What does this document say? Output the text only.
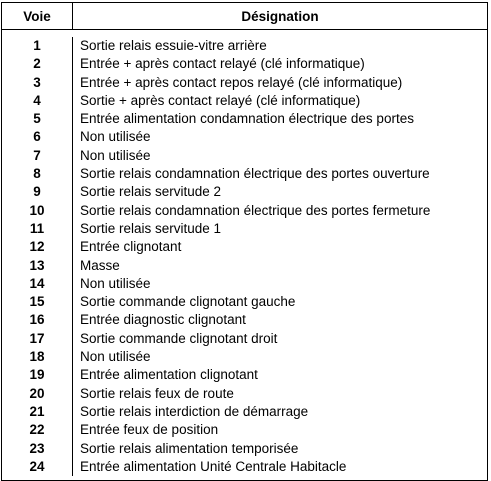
Voie	Désignation
1
2
3
4
5
6
7
8
9
10
11
12
13
14
15
16
17
18
19
20
21
22
23
24
Sortie relais essuie-vitre arrière
Entrée + après contact relayé (clé informatique)
Entrée + après contact repos relayé (clé informatique)
Sortie + après contact relayé (clé informatique)
Entrée alimentation condamnation électrique des portes
Non utilisée
Non utilisée
Sortie relais condamnation électrique des portes ouverture
Sortie relais servitude 2
Sortie relais condamnation électrique des portes fermeture
Sortie relais servitude 1
Entrée clignotant
Masse
Non utilisée
Sortie commande clignotant gauche
Entrée diagnostic clignotant
Sortie commande clignotant droit
Non utilisée
Entrée alimentation clignotant
Sortie relais feux de route
Sortie relais interdiction de démarrage
Entrée feux de position
Sortie relais alimentation temporisée
Entrée alimentation Unité Centrale Habitacle
